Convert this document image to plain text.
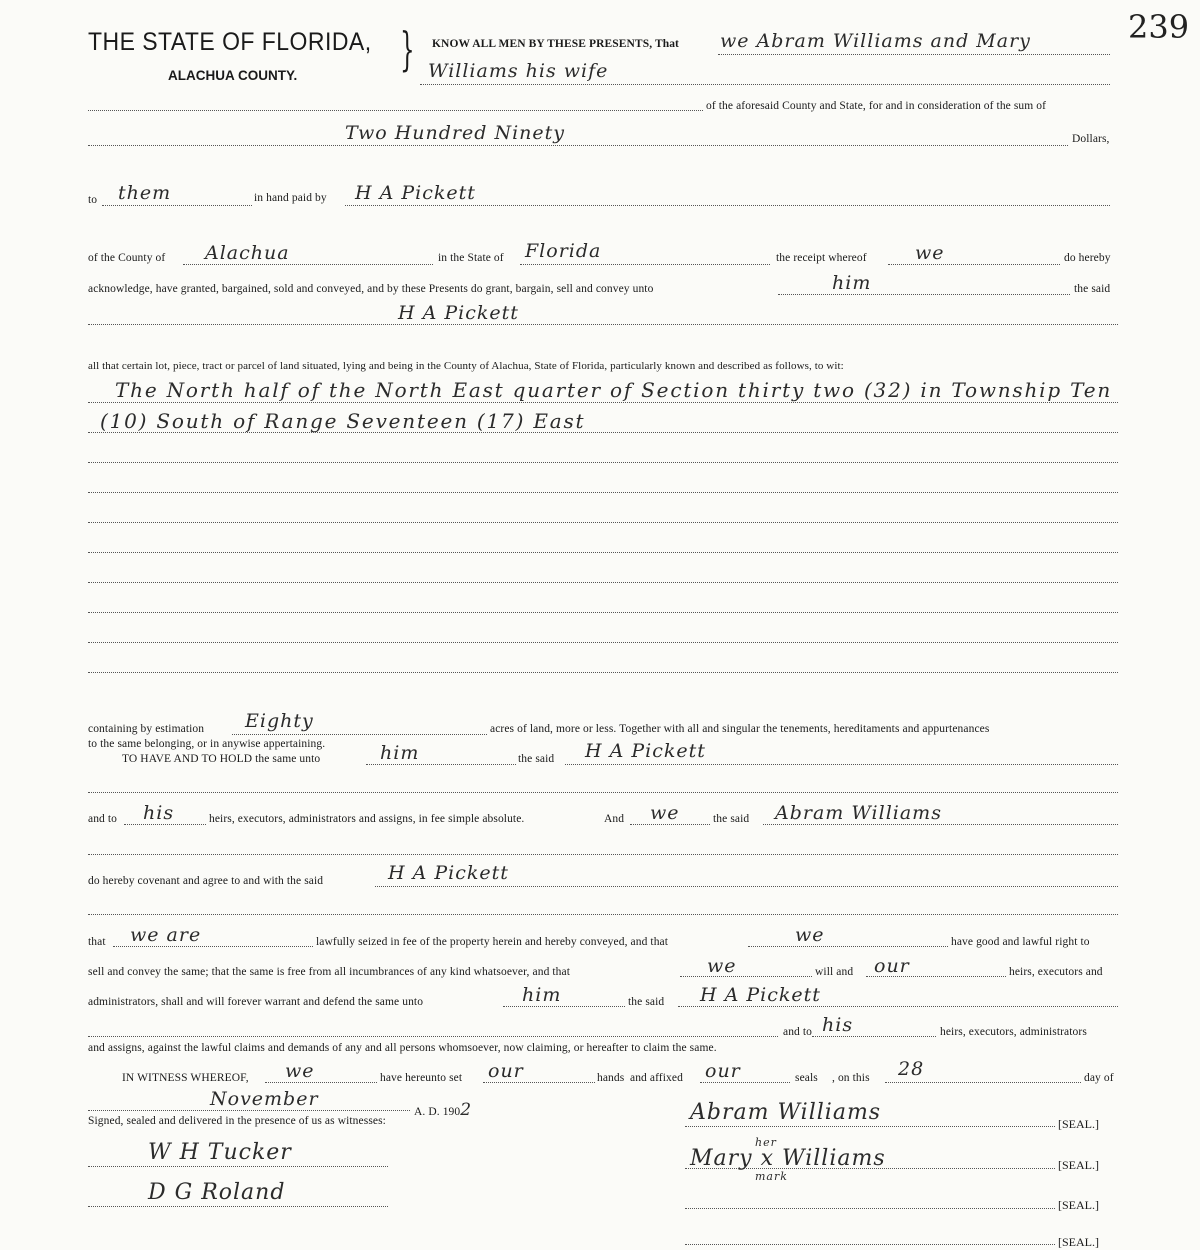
239
THE STATE OF FLORIDA, }
ALACHUA COUNTY.
KNOW ALL MEN BY THESE PRESENTS, That we Abram Williams and Mary
Williams his wife
of the aforesaid County and State, for and in consideration of the sum of
Two Hundred Ninety	Dollars,
to them	in hand paid by H A Pickett
of the County of Alachua	in the State of Florida	the receipt whereof	we	do hereby
acknowledge, have granted, bargained, sold and conveyed, and by these Presents do grant, bargain, sell and convey unto	him	the said
H A Pickett
all that certain lot, piece, tract or parcel of land situated, lying and being in the County of Alachua, State of Florida, particularly known and described as follows, to wit:
The North half of the North East quarter of Section thirty two (32) in Township Ten
(10) South of Range Seventeen (17) East
containing by estimation Eighty	acres of land, more or less. Together with all and singular the tenements, hereditaments and appurtenances
to the same belonging, or in anywise appertaining.
TO HAVE AND TO HOLD the same unto	him	the said H A Pickett
and to his	heirs, executors, administrators and assigns, in fee simple absolute.	And we	the said Abram Williams
do hereby covenant and agree to and with the said	H A Pickett
that we are	lawfully seized in fee of the property herein and hereby conveyed, and that	we	have good and lawful right to
sell and convey the same; that the same is free from all incumbrances of any kind whatsoever, and that	we	will and our	heirs, executors and
administrators, shall and will forever warrant and defend the same unto	him	the said H A Pickett
and to his	heirs, executors, administrators
and assigns, against the lawful claims and demands of any and all persons whomsoever, now claiming, or hereafter to claim the same.
IN WITNESS WHEREOF, we	have hereunto set our	hands and affixed our	seals , on this 28	day of
November
A. D. 1902
Signed, sealed and delivered in the presence of us as witnesses:
W H Tucker
D G Roland
Abram Williams	[SEAL.]
her
Mary x Williams
mark
[SEAL.]
[SEAL.]
[SEAL.]
